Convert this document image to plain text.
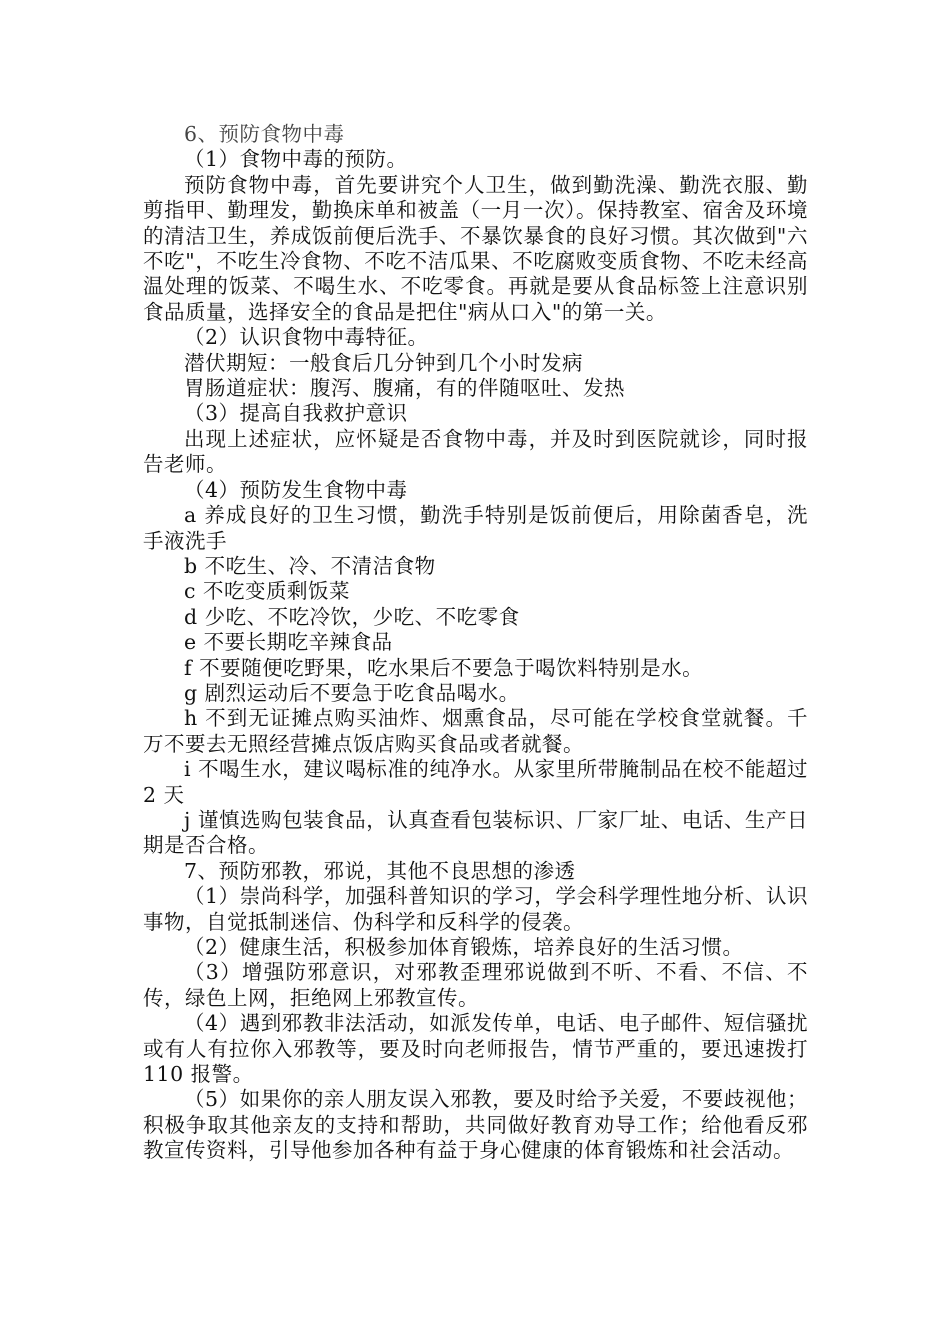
6、预防食物中毒

（1）食物中毒的预防。

预防食物中毒，首先要讲究个人卫生，做到勤洗澡、勤洗衣服、勤剪指甲、勤理发，勤换床单和被盖（一月一次）。保持教室、宿舍及环境的清洁卫生，养成饭前便后洗手、不暴饮暴食的良好习惯。其次做到"六不吃"，不吃生冷食物、不吃不洁瓜果、不吃腐败变质食物、不吃未经高温处理的饭菜、不喝生水、不吃零食。再就是要从食品标签上注意识别食品质量，选择安全的食品是把住"病从口入"的第一关。

（2）认识食物中毒特征。

潜伏期短：一般食后几分钟到几个小时发病

胃肠道症状：腹泻、腹痛，有的伴随呕吐、发热

（3）提高自我救护意识

出现上述症状，应怀疑是否食物中毒，并及时到医院就诊，同时报告老师。

（4）预防发生食物中毒

a 养成良好的卫生习惯，勤洗手特别是饭前便后，用除菌香皂，洗手液洗手

b 不吃生、冷、不清洁食物

c 不吃变质剩饭菜

d 少吃、不吃冷饮，少吃、不吃零食

e 不要长期吃辛辣食品

f 不要随便吃野果，吃水果后不要急于喝饮料特别是水。

g 剧烈运动后不要急于吃食品喝水。

h 不到无证摊点购买油炸、烟熏食品，尽可能在学校食堂就餐。千万不要去无照经营摊点饭店购买食品或者就餐。

i 不喝生水，建议喝标准的纯净水。从家里所带腌制品在校不能超过 2 天

j 谨慎选购包装食品，认真查看包装标识、厂家厂址、电话、生产日期是否合格。

7、预防邪教，邪说，其他不良思想的渗透

（1）崇尚科学，加强科普知识的学习，学会科学理性地分析、认识事物，自觉抵制迷信、伪科学和反科学的侵袭。

（2）健康生活，积极参加体育锻炼，培养良好的生活习惯。

（3）增强防邪意识，对邪教歪理邪说做到不听、不看、不信、不传，绿色上网，拒绝网上邪教宣传。

（4）遇到邪教非法活动，如派发传单，电话、电子邮件、短信骚扰或有人有拉你入邪教等，要及时向老师报告，情节严重的，要迅速拨打 110 报警。

（5）如果你的亲人朋友误入邪教，要及时给予关爱，不要歧视他；积极争取其他亲友的支持和帮助，共同做好教育劝导工作；给他看反邪教宣传资料，引导他参加各种有益于身心健康的体育锻炼和社会活动。
